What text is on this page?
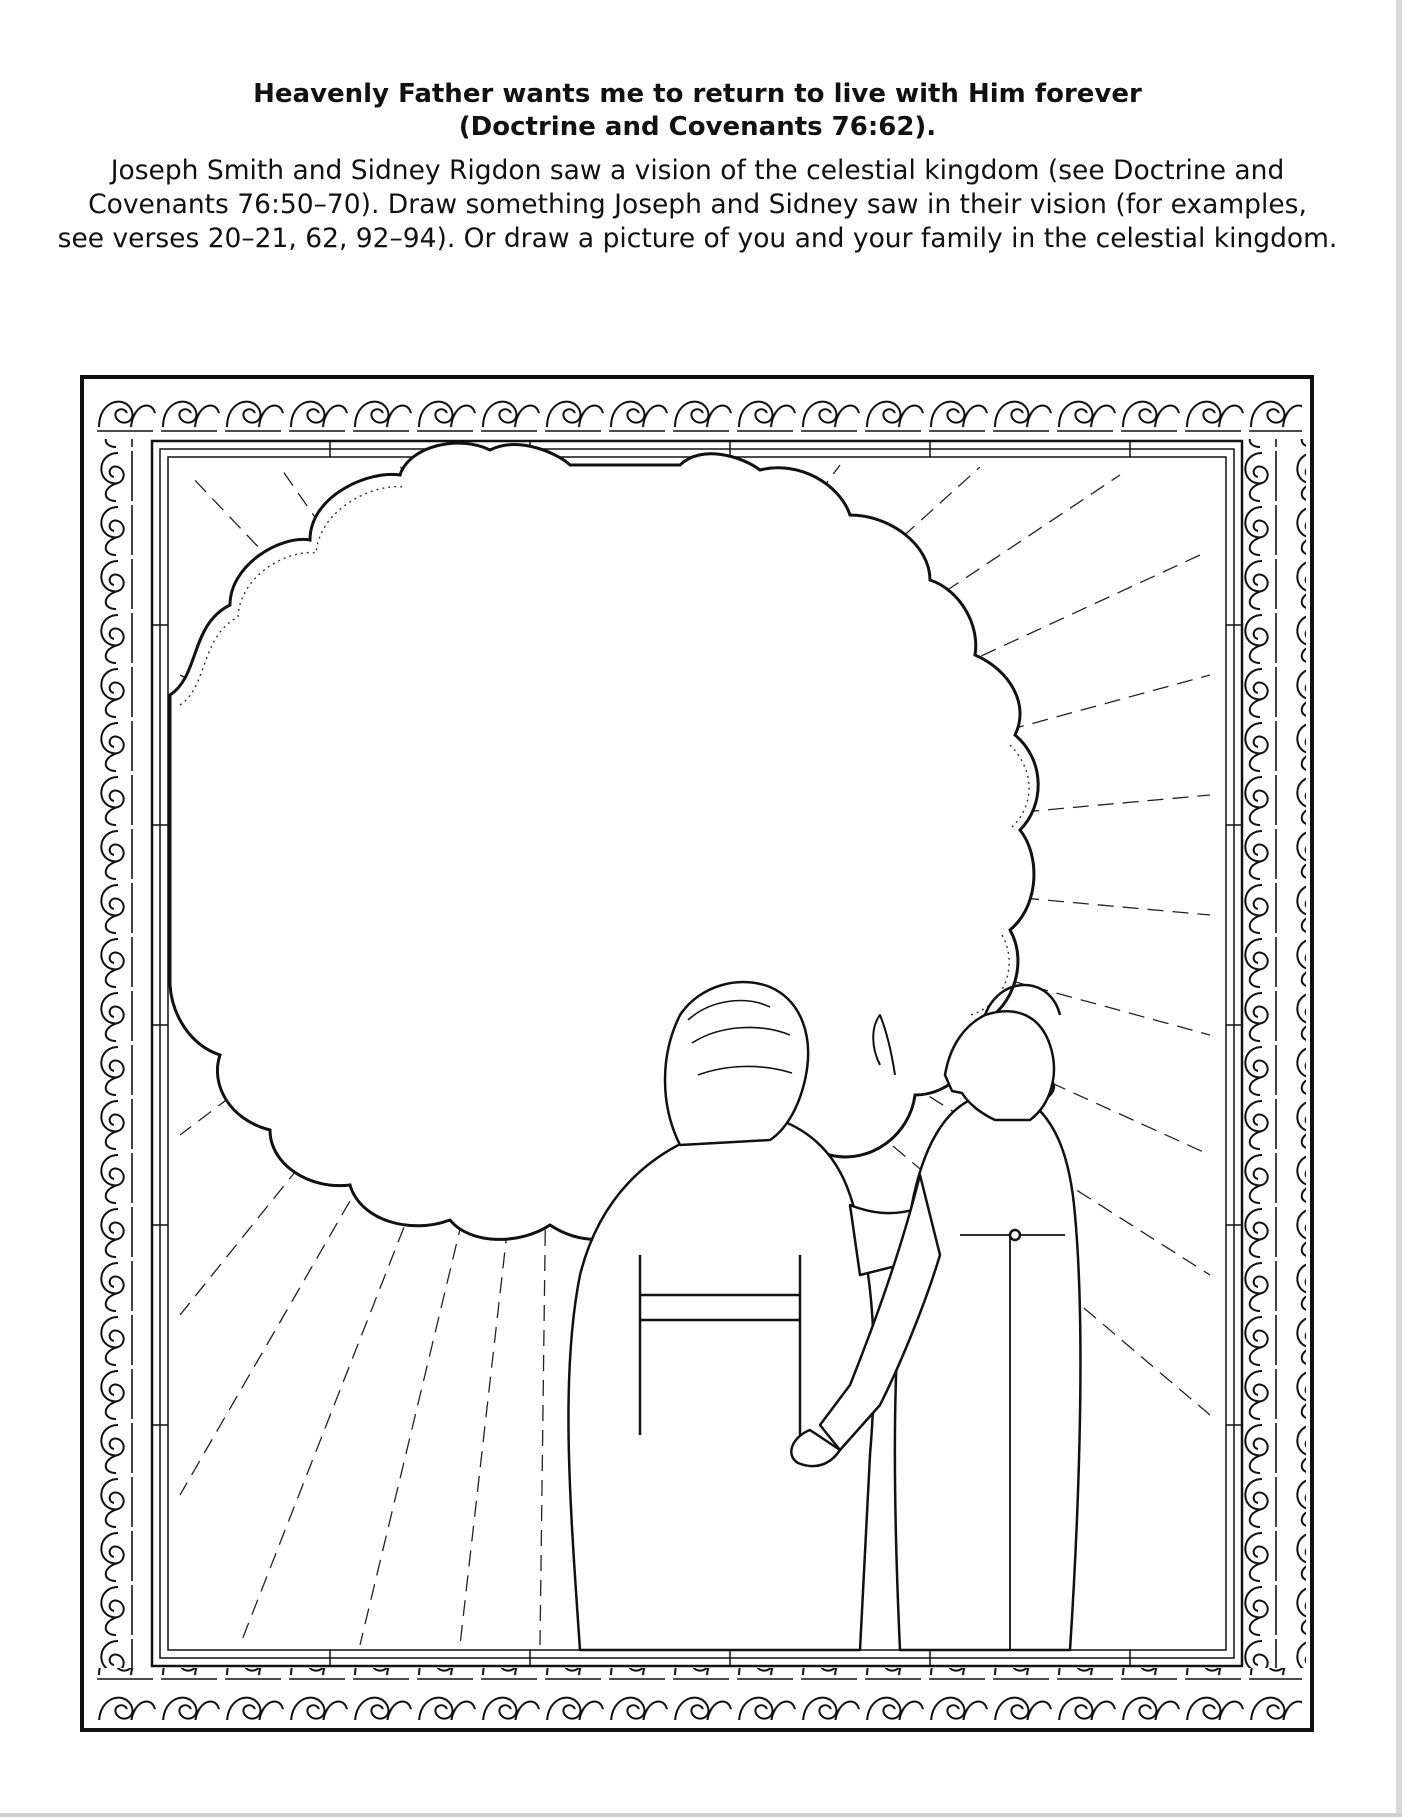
Heavenly Father wants me to return to live with Him forever

(Doctrine and Covenants 76:62).

Joseph Smith and Sidney Rigdon saw a vision of the celestial kingdom (see Doctrine and

Covenants 76:50–70). Draw something Joseph and Sidney saw in their vision (for examples,

see verses 20–21, 62, 92–94). Or draw a picture of you and your family in the celestial kingdom.
